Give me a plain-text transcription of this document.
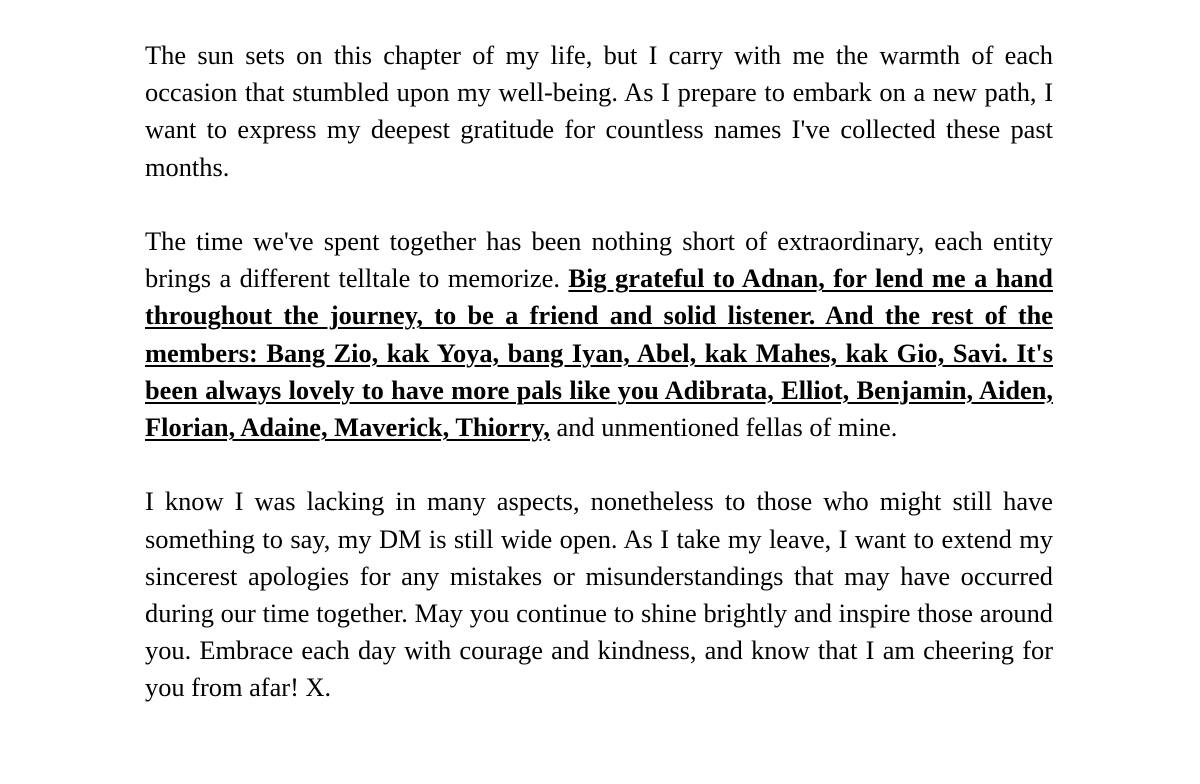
The sun sets on this chapter of my life, but I carry with me the warmth of each occasion that stumbled upon my well-being. As I prepare to embark on a new path, I want to express my deepest gratitude for countless names I've collected these past months.

The time we've spent together has been nothing short of extraordinary, each entity brings a different telltale to memorize. Big grateful to Adnan, for lend me a hand throughout the journey, to be a friend and solid listener. And the rest of the members: Bang Zio, kak Yoya, bang Iyan, Abel, kak Mahes, kak Gio, Savi. It's been always lovely to have more pals like you Adibrata, Elliot, Benjamin, Aiden, Florian, Adaine, Maverick, Thiorry, and unmentioned fellas of mine.

I know I was lacking in many aspects, nonetheless to those who might still have something to say, my DM is still wide open. As I take my leave, I want to extend my sincerest apologies for any mistakes or misunderstandings that may have occurred during our time together. May you continue to shine brightly and inspire those around you. Embrace each day with courage and kindness, and know that I am cheering for you from afar! X.
